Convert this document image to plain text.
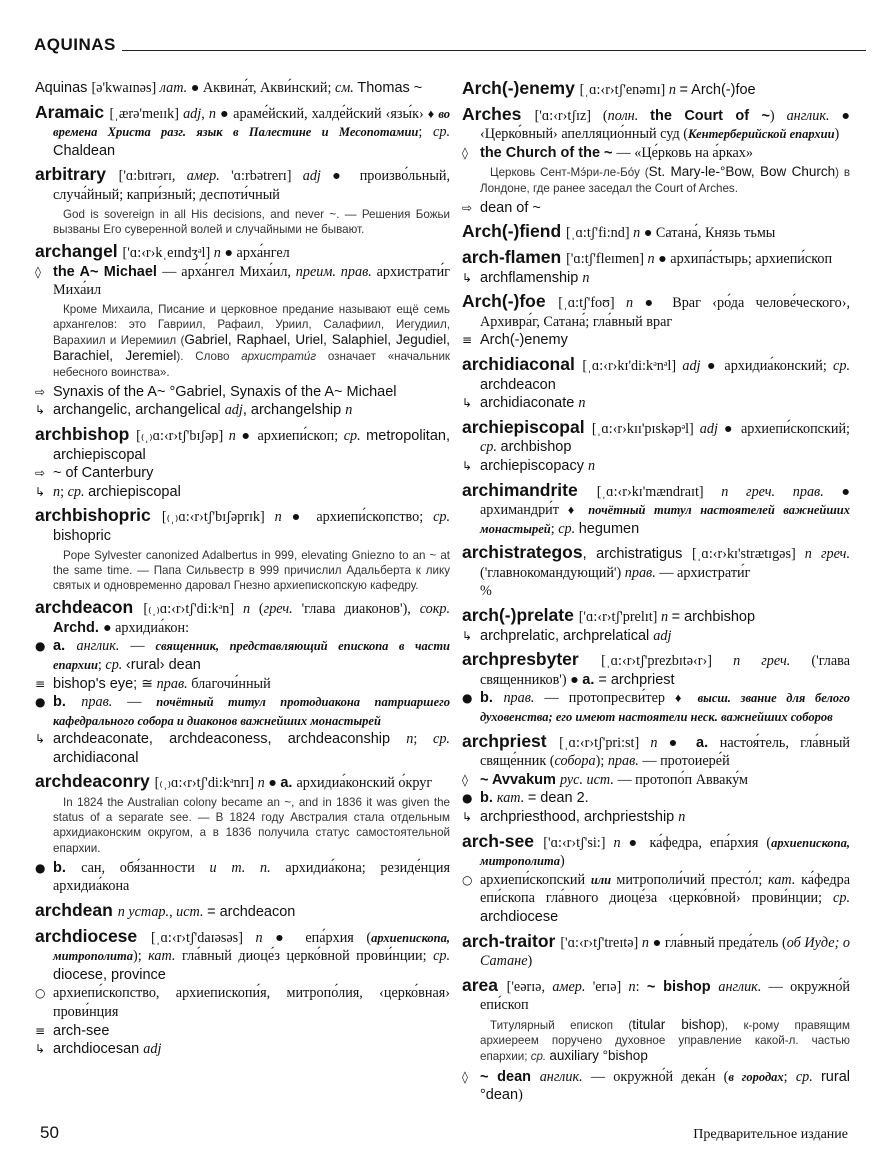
AQUINAS
Aquinas [ə'kwaɪnəs] лат. ● Аквина́т, Акви́нский; см. Thomas ~
Aramaic [ˌærə'meɪɪk] adj, n ● араме́йский, халде́йский ‹язы́к› ♦ во времена Христа разг. язык в Палестине и Месопотамии; ср. Chaldean
arbitrary ['ɑ:bɪtrərɪ, амер. 'ɑ:rbətrerɪ] adj ● произво́льный, случа́йный; капри́зный; деспоти́чный
God is sovereign in all His decisions, and never ~. — Решения Божьи вызваны Его суверенной волей и случайными не бывают.
archangel ['ɑ:‹r›kˌeɪndʒᵊl] n ● арха́нгел
◊ the A~ Michael — арха́нгел Миха́ил, преим. прав. архистрати́г Миха́ил
Кроме Михаила, Писание и церковное предание называют ещё семь архангелов: это Гавриил, Рафаил, Уриил, Салафиил, Иегудиил, Варахиил и Иеремиил (Gabriel, Raphael, Uriel, Salaphiel, Jegudiel, Barachiel, Jeremiel). Слово архистрати́г означает «начальник небесного воинства».
⇨ Synaxis of the A~ °Gabriel, Synaxis of the A~ Michael
↳ archangelic, archangelical adj, archangelship n
archbishop [₍ˌ₎ɑ:‹r›tʃ'bɪʃəp] n ● архиепи́скоп; ср. metropolitan, archiepiscopal
⇨ ~ of Canterbury
↳ n; ср. archiepiscopal
archbishopric [₍ˌ₎ɑ:‹r›tʃ'bɪʃəprɪk] n ● архиепи́скопство; ср. bishopric
Pope Sylvester canonized Adalbertus in 999, elevating Gniezno to an ~ at the same time. — Папа Сильвестр в 999 причислил Адальберта к лику святых и одновременно даровал Гнезно архиепископскую кафедру.
archdeacon [₍ˌ₎ɑ:‹r›tʃ'di:kᵊn] n (греч. 'глава диаконов'), сокр. Archd. ● архидиа́кон:
● a. англик. — священник, представляющий епископа в части епархии; ср. ‹rural› dean
≡ bishop's eye; ≅ прав. благочи́нный
● b. прав. — почётный титул протодиакона патриаршего кафедрального собора и диаконов важнейших монастырей
↳ archdeaconate, archdeaconess, archdeaconship n; ср. archidiaconal
archdeaconry [₍ˌ₎ɑ:‹r›tʃ'di:kᵊnrɪ] n ● a. архидиа́конский о́круг
In 1824 the Australian colony became an ~, and in 1836 it was given the status of a separate see. — В 1824 году Австралия стала отдельным архидиаконским округом, а в 1836 получила статус самостоятельной епархии.
● b. сан, обя́занности и т. п. архидиа́кона; резиде́нция архидиа́кона
archdean n устар., ист. = archdeacon
archdiocese [ˌɑ:‹r›tʃ'daɪəsəs] n ● епа́рхия (архиепископа, митрополита); кат. гла́вный диоце́з церко́вной прови́нции; ср. diocese, province
○ архиепи́скопство, архиепископи́я, митропо́лия, ‹церко́вная› прови́нция
≡ arch-see
↳ archdiocesan adj
Arch(-)enemy [ˌɑ:‹r›tʃ'enəmɪ] n = Arch(-)foe
Arches ['ɑ:‹r›tʃɪz] (полн. the Court of ~) англик. ● ‹Церко́вный› апелляцио́нный суд (Кентерберийской епархии)
◊ the Church of the ~ — «Це́рковь на а́рках»
Церковь Сент-Мэ́ри-ле-Бо́у (St. Mary-le-°Bow, Bow Church) в Лондоне, где ранее заседал the Court of Arches.
⇨ dean of ~
Arch(-)fiend [ˌɑ:tʃ'fi:nd] n ● Сатана́, Князь тьмы
arch-flamen ['ɑ:tʃ'fleɪmen] n ● архипа́стырь; архиепи́скоп
↳ archflamenship n
Arch(-)foe [ˌɑ:tʃ'foʊ] n ● Враг ‹ро́да челове́ческого›, Архивра́г, Сатана́; гла́вный враг
≡ Arch(-)enemy
archidiaconal [ˌɑ:‹r›kɪ'di:kᵊnᵊl] adj ● архидиа́конский; ср. archdeacon
↳ archidiaconate n
archiepiscopal [ˌɑ:‹r›kɪɪ'pɪskəpᵊl] adj ● архиепи́скопский; ср. archbishop
↳ archiepiscopacy n
archimandrite [ˌɑ:‹r›kɪ'mændraɪt] n греч. прав. ● архимандри́т ♦ почётный титул настоятелей важнейших монастырей; ср. hegumen
archistrategos, archistratigus [ˌɑ:‹r›kɪ'strætɪgəs] n греч. ('главнокомандующий') прав. — архистрати́г
%
arch(-)prelate ['ɑ:‹r›tʃ'prelɪt] n = archbishop
↳ archprelatic, archprelatical adj
archpresbyter [ˌɑ:‹r›tʃ'prezbɪtə‹r›] n греч. ('глава священников') ● a. = archpriest
● b. прав. — протопресви́тер ♦ высш. звание для белого духовенства; его имеют настоятели неск. важнейших соборов
archpriest [ˌɑ:‹r›tʃ'pri:st] n ● a. настоя́тель, гла́вный свяще́нник (собора); прав. — протоиере́й
◊ ~ Avvakum рус. ист. — протопо́п Авваку́м
● b. кат. = dean 2.
↳ archpriesthood, archpriestship n
arch-see ['ɑ:‹r›tʃ'si:] n ● ка́федра, епа́рхия (архиепископа, митрополита)
○ архиепи́скопский или митрополи́чий престо́л; кат. ка́федра епи́скопа гла́вного диоце́за ‹церко́вной› прови́нции; ср. archdiocese
arch-traitor ['ɑ:‹r›tʃ'treɪtə] n ● гла́вный преда́тель (об Иуде; о Сатане)
area ['eərɪə, амер. 'erɪə] n: ~ bishop англик. — окружно́й епи́скоп
Титулярный епископ (titular bishop), к-рому правящим архиереем поручено духовное управление какой-л. частью епархии; ср. auxiliary °bishop
◊ ~ dean англик. — окружно́й дека́н (в городах; ср. rural °dean)
50	Предварительное издание
